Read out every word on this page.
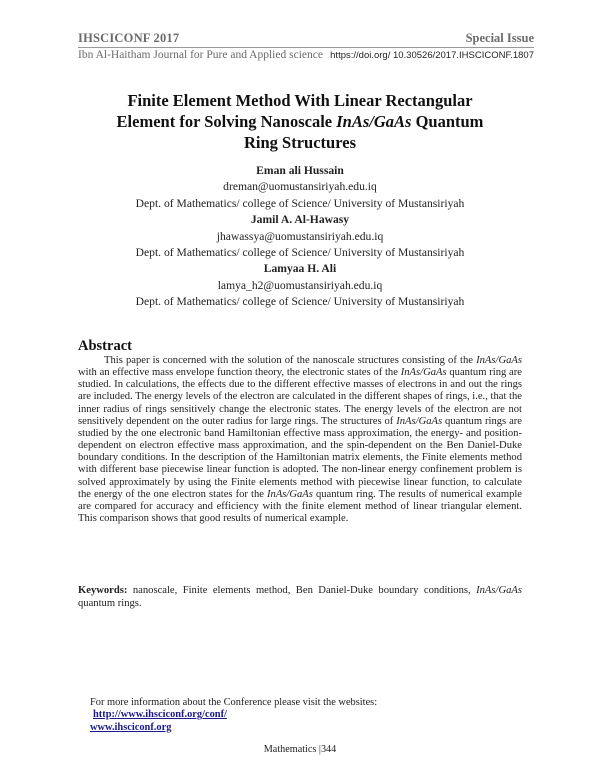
IHSCICONF 2017	Special Issue
Ibn Al-Haitham Journal for Pure and Applied science https://doi.org/ 10.30526/2017.IHSCICONF.1807
Finite Element Method With Linear Rectangular
Element for Solving Nanoscale InAs/GaAs Quantum
Ring Structures
Eman ali Hussain
dreman@uomustansiriyah.edu.iq
Dept. of Mathematics/ college of Science/ University of Mustansiriyah
Jamil A. Al-Hawasy
jhawassya@uomustansiriyah.edu.iq
Dept. of Mathematics/ college of Science/ University of Mustansiriyah
Lamyaa H. Ali
lamya_h2@uomustansiriyah.edu.iq
Dept. of Mathematics/ college of Science/ University of Mustansiriyah
Abstract
This paper is concerned with the solution of the nanoscale structures consisting of the InAs/GaAs with an effective mass envelope function theory, the electronic states of the InAs/GaAs quantum ring are studied. In calculations, the effects due to the different effective masses of electrons in and out the rings are included. The energy levels of the electron are calculated in the different shapes of rings, i.e., that the inner radius of rings sensitively change the electronic states. The energy levels of the electron are not sensitively dependent on the outer radius for large rings. The structures of InAs/GaAs quantum rings are studied by the one electronic band Hamiltonian effective mass approximation, the energy- and position-dependent on electron effective mass approximation, and the spin-dependent on the Ben Daniel-Duke boundary conditions. In the description of the Hamiltonian matrix elements, the Finite elements method with different base piecewise linear function is adopted. The non-linear energy confinement problem is solved approximately by using the Finite elements method with piecewise linear function, to calculate the energy of the one electron states for the InAs/GaAs quantum ring. The results of numerical example are compared for accuracy and efficiency with the finite element method of linear triangular element. This comparison shows that good results of numerical example.
Keywords: nanoscale, Finite elements method, Ben Daniel-Duke boundary conditions, InAs/GaAs quantum rings.
For more information about the Conference please visit the websites:
http://www.ihsciconf.org/conf/
www.ihsciconf.org
Mathematics |344
